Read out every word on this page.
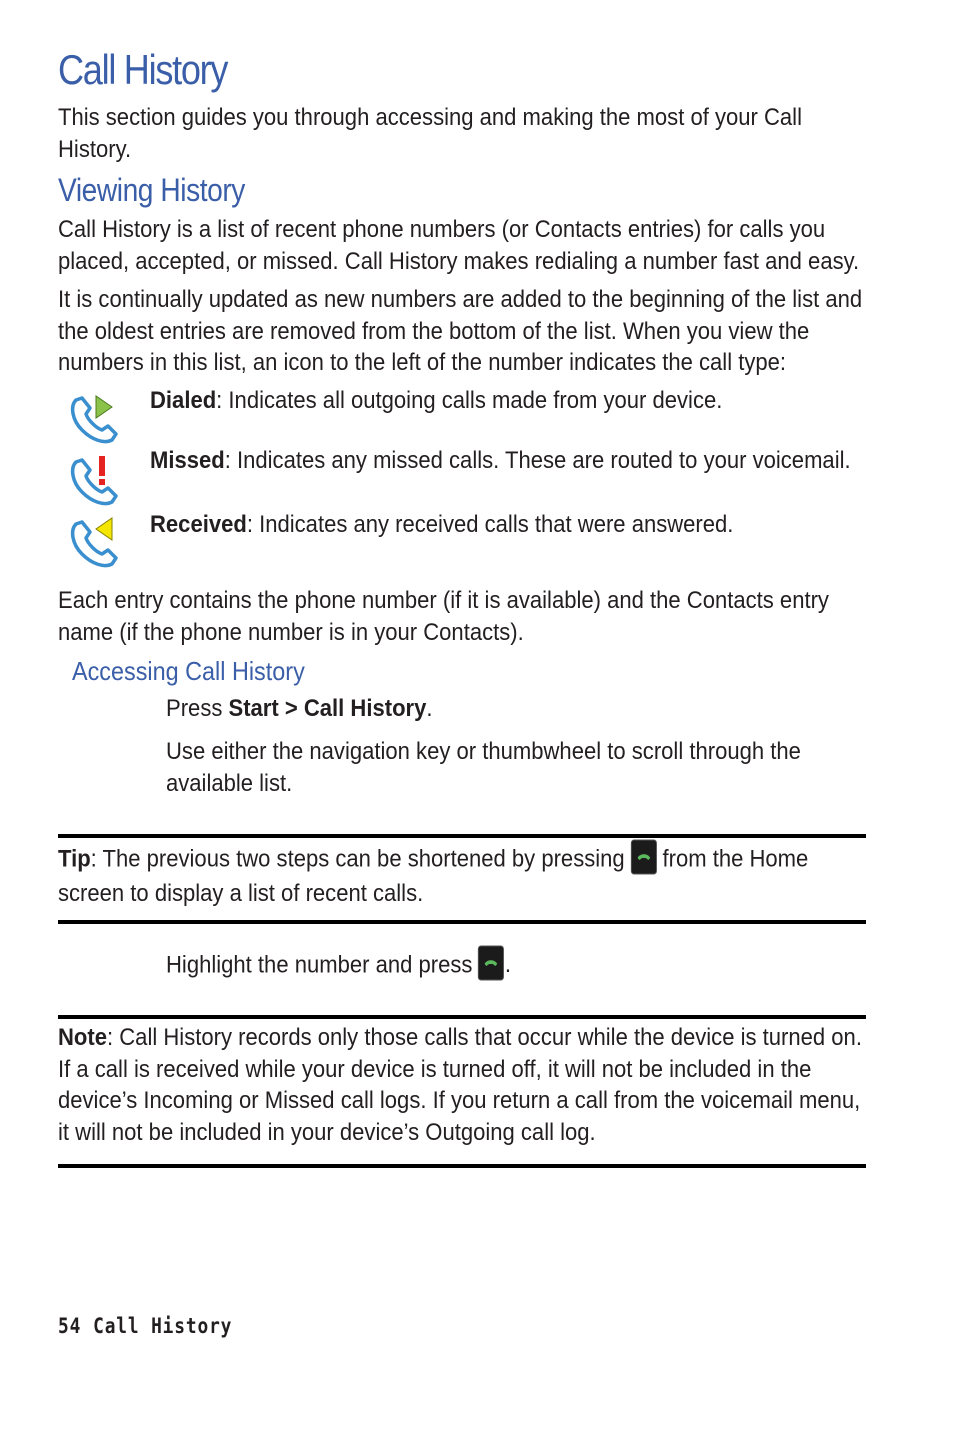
Call History

This section guides you through accessing and making the most of your Call
History.

Viewing History

Call History is a list of recent phone numbers (or Contacts entries) for calls you
placed, accepted, or missed. Call History makes redialing a number fast and easy.

It is continually updated as new numbers are added to the beginning of the list and
the oldest entries are removed from the bottom of the list. When you view the
numbers in this list, an icon to the left of the number indicates the call type:

Dialed: Indicates all outgoing calls made from your device.

Missed: Indicates any missed calls. These are routed to your voicemail.

Received: Indicates any received calls that were answered.

Each entry contains the phone number (if it is available) and the Contacts entry
name (if the phone number is in your Contacts).

Accessing Call History

Press Start > Call History.

Use either the navigation key or thumbwheel to scroll through the
available list.

Tip: The previous two steps can be shortened by pressing from the Home
screen to display a list of recent calls.

Highlight the number and press .

Note: Call History records only those calls that occur while the device is turned on.
If a call is received while your device is turned off, it will not be included in the
device’s Incoming or Missed call logs. If you return a call from the voicemail menu,
it will not be included in your device’s Outgoing call log.

54 Call History
